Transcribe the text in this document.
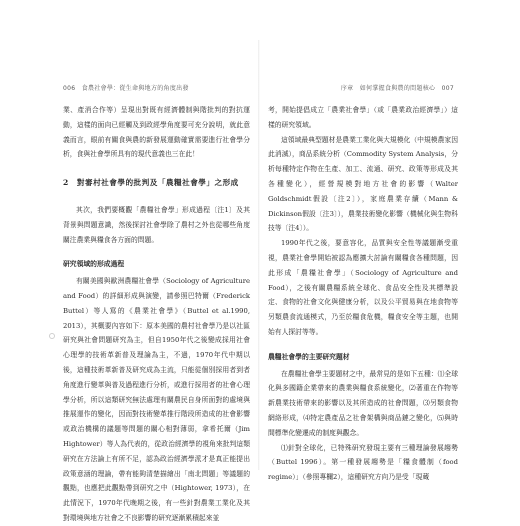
006　食農社會學：從生命與地方的角度出發

業、產消合作等）呈現出對既有經濟體制與階批判的對抗運動，這樣的面向已經觸及到政經學角度要可充分說明，就此意義而言，眼前有關食與農的新發展運動確實需要進行社會學分析，食與社會學所具有的現代意義也三在此！

2　對審村社會學的批判及「農糧社會學」之形成

其次，我們要概觀「農糧社會學」形成過程〔注1〕及其背景與問題意識，然後探討社會學除了農村之外也從哪些角度關注農業與糧食各方面的問題。

研究領域的形成過程

有關美國與歐洲農糧社會學（Sociology of Agriculture and Food）的詳細形成與演變，請參照巴特爾（Frederick Buttel）等人寫的《農業社會學》（Buttel et al.1990, 2013），其概要內容如下：原本美國的農村社會學乃是以社區研究與社會問題研究為主，但自1950年代之後變成採用社會心理學的技術革新普及理論為主，不過，1970年代中期以後，這種技術革新普及研究成為主流，只能從個別採用者到者角度進行變革與普及過程進行分析，或進行採用者的社會心理學分析，所以這類研究無法處理有關農民自身所面對的處境與推展運作的變化，因而對技術變革推行階段所造成的社會影響或政治機構的議題等問題的關心相對薄弱，拿希托爾（Jim Hightower）等人為代表的，從政治經濟學的視角來批判這類研究在方法論上有所不足，認為政治經濟學派才是真正能提出政策意涵的理論，帶有能夠清楚描繪出「南北問題」等議題的觀點，也應把此觀點帶到研究之中（Hightower, 1973），在此情況下，1970年代晚期之後，有一些針對農業工業化及其對環境與地方社會之不良影響的研究逐漸累積起來並

序章　如何掌握食與農的問題核心　007

考，開始提倡成立「農業社會學」（或「農業政治經濟學」）這樣的研究領域。

這領域最典型題材是農業工業化與大規模化（中規模農家因此消滅），商品系統分析（Commodity System Analysis，分析每種特定作物在生產、加工、流通、研究、政策等形成及其各種變化），經營規模對地方社會的影響（Walter Goldschmidt假設〔注2〕），家庭農業存續（Mann & Dickinson假設〔注3〕），農業技術變化影響（機械化與生物科技等〔注4〕）。

1990年代之後，要意容化，品質與安全性等議題漸受重視，農業社會學開始被認為應擴大討論有關糧食各種問題，因此形成「農糧社會學」（Sociology of Agriculture and Food），之後有關農糧系統全球化、食品安全性及其標準設定、食物的社會文化與健康分析，以及公平貿易與在地食物等另類農食流通模式，乃至於糧食危機，糧食安全等主題，也開始有人探討等等。

農糧社會學的主要研究題材

在農糧社會學主要題材之中，最常見的是如下五種：⑴全球化與多國籍企業帶來的農業與糧食系統變化，⑵著重在作物等新農業技術帶來的影響以及其所造成的社會問題，⑶另類食物網絡形成，⑷特定農產品之社會架構與商品鏈之變化，⑸與時間標準化變遷成的制度與觀念。

⑴針對全球化，已特殊研究發現主要有三種理論發展趨勢（Buttel 1996）。第一種發展趨勢是「糧食體制（food regime）」（參照專欄2），這種研究方向乃是受「現蔵
